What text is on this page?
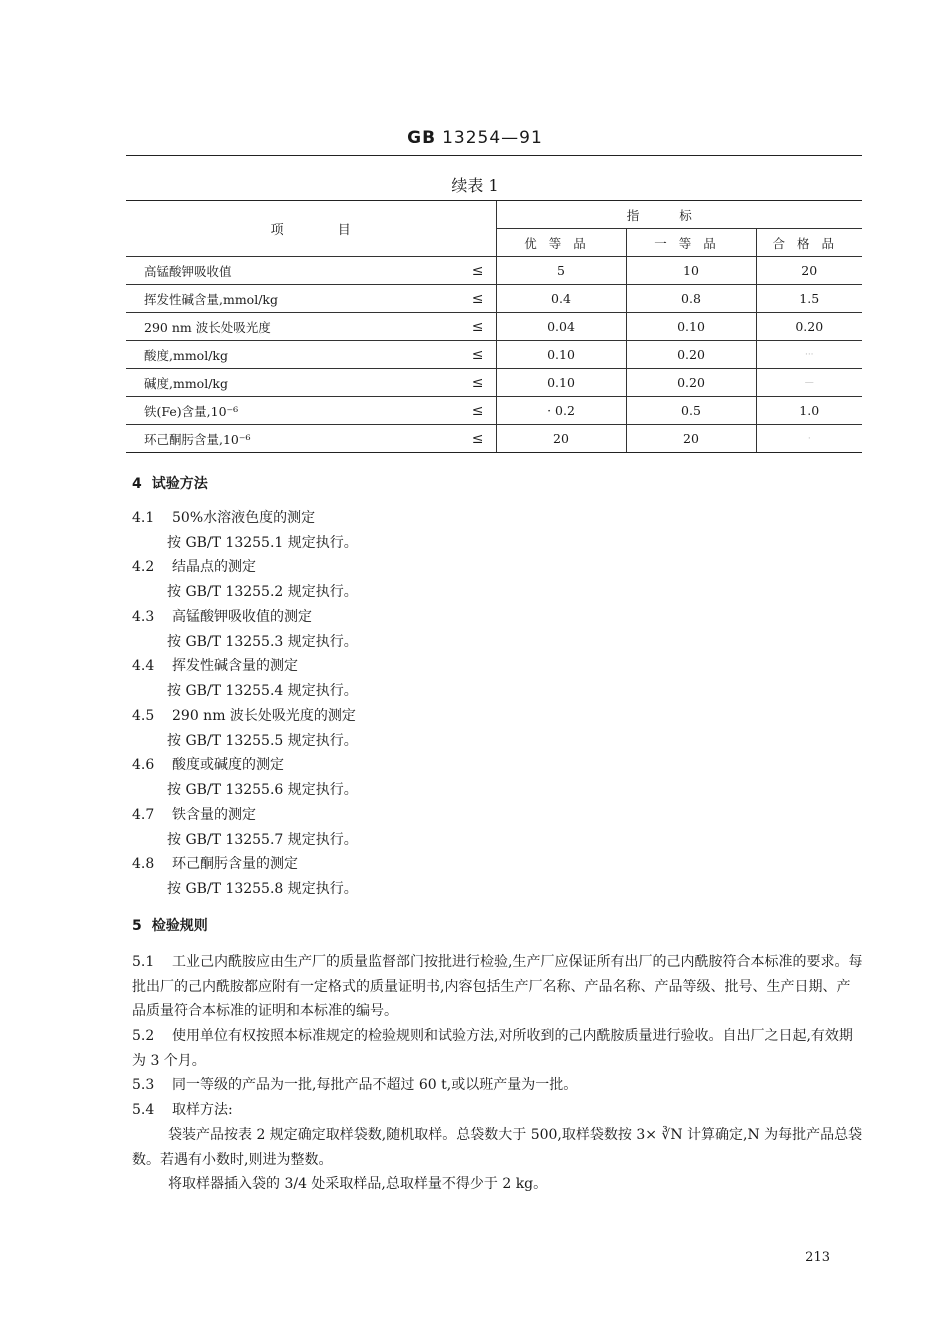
GB 13254—91
续表 1
项 目	指标		
	优等品	一等品	合格品
高锰酸钾吸收值 ≤	5	10	20
挥发性碱含量,mmol/kg ≤	0.4	0.8	1.5
290 nm 波长处吸光度 ≤	0.04	0.10	0.20
酸度,mmol/kg ≤	0.10	0.20	···
碱度,mmol/kg ≤	0.10	0.20	—
铁(Fe)含量,10⁻⁶ ≤	· 0.2	0.5	1.0
环己酮肟含量,10⁻⁶ ≤	20	20	·
4 试验方法
4.1 50%水溶液色度的测定
按 GB/T 13255.1 规定执行。
4.2 结晶点的测定
按 GB/T 13255.2 规定执行。
4.3 高锰酸钾吸收值的测定
按 GB/T 13255.3 规定执行。
4.4 挥发性碱含量的测定
按 GB/T 13255.4 规定执行。
4.5 290 nm 波长处吸光度的测定
按 GB/T 13255.5 规定执行。
4.6 酸度或碱度的测定
按 GB/T 13255.6 规定执行。
4.7 铁含量的测定
按 GB/T 13255.7 规定执行。
4.8 环己酮肟含量的测定
按 GB/T 13255.8 规定执行。
5 检验规则
5.1 工业己内酰胺应由生产厂的质量监督部门按批进行检验,生产厂应保证所有出厂的己内酰胺符合本标准的要求。每批出厂的己内酰胺都应附有一定格式的质量证明书,内容包括生产厂名称、产品名称、产品等级、批号、生产日期、产品质量符合本标准的证明和本标准的编号。
5.2 使用单位有权按照本标准规定的检验规则和试验方法,对所收到的己内酰胺质量进行验收。自出厂之日起,有效期为 3 个月。
5.3 同一等级的产品为一批,每批产品不超过 60 t,或以班产量为一批。
5.4 取样方法:
袋装产品按表 2 规定确定取样袋数,随机取样。总袋数大于 500,取样袋数按 3× ∛N 计算确定,N 为每批产品总袋数。若遇有小数时,则进为整数。
将取样器插入袋的 3/4 处采取样品,总取样量不得少于 2 kg。
213
